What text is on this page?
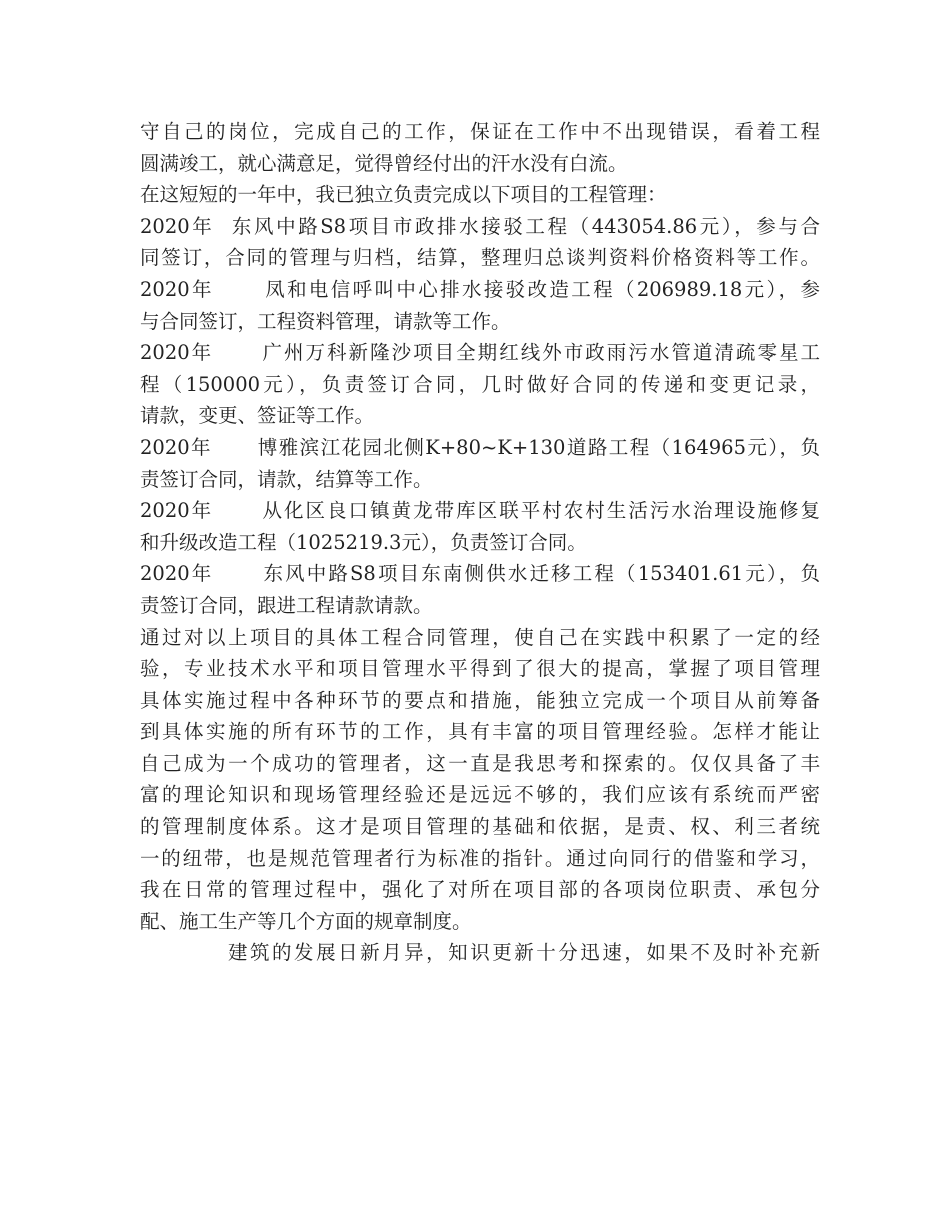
守自己的岗位，完成自己的工作，保证在工作中不出现错误，看着工程
圆满竣工，就心满意足，觉得曾经付出的汗水没有白流。
在这短短的一年中，我已独立负责完成以下项目的工程管理：
2020年  东风中路S8项目市政排水接驳工程（443054.86元），参与合
同签订，合同的管理与归档，结算，整理归总谈判资料价格资料等工作。
2020年      凤和电信呼叫中心排水接驳改造工程（206989.18元），参
与合同签订，工程资料管理，请款等工作。
2020年      广州万科新隆沙项目全期红线外市政雨污水管道清疏零星工
程（150000元），负责签订合同，几时做好合同的传递和变更记录，
请款，变更、签证等工作。
2020年      博雅滨江花园北侧K+80~K+130道路工程（164965元），负
责签订合同，请款，结算等工作。
2020年      从化区良口镇黄龙带库区联平村农村生活污水治理设施修复
和升级改造工程（1025219.3元），负责签订合同。
2020年      东风中路S8项目东南侧供水迁移工程（153401.61元），负
责签订合同，跟进工程请款请款。
通过对以上项目的具体工程合同管理，使自己在实践中积累了一定的经
验，专业技术水平和项目管理水平得到了很大的提高，掌握了项目管理
具体实施过程中各种环节的要点和措施，能独立完成一个项目从前筹备
到具体实施的所有环节的工作，具有丰富的项目管理经验。怎样才能让
自己成为一个成功的管理者，这一直是我思考和探索的。仅仅具备了丰
富的理论知识和现场管理经验还是远远不够的，我们应该有系统而严密
的管理制度体系。这才是项目管理的基础和依据，是责、权、利三者统
一的纽带，也是规范管理者行为标准的指针。通过向同行的借鉴和学习，
我在日常的管理过程中，强化了对所在项目部的各项岗位职责、承包分
配、施工生产等几个方面的规章制度。
建筑的发展日新月异，知识更新十分迅速，如果不及时补充新
